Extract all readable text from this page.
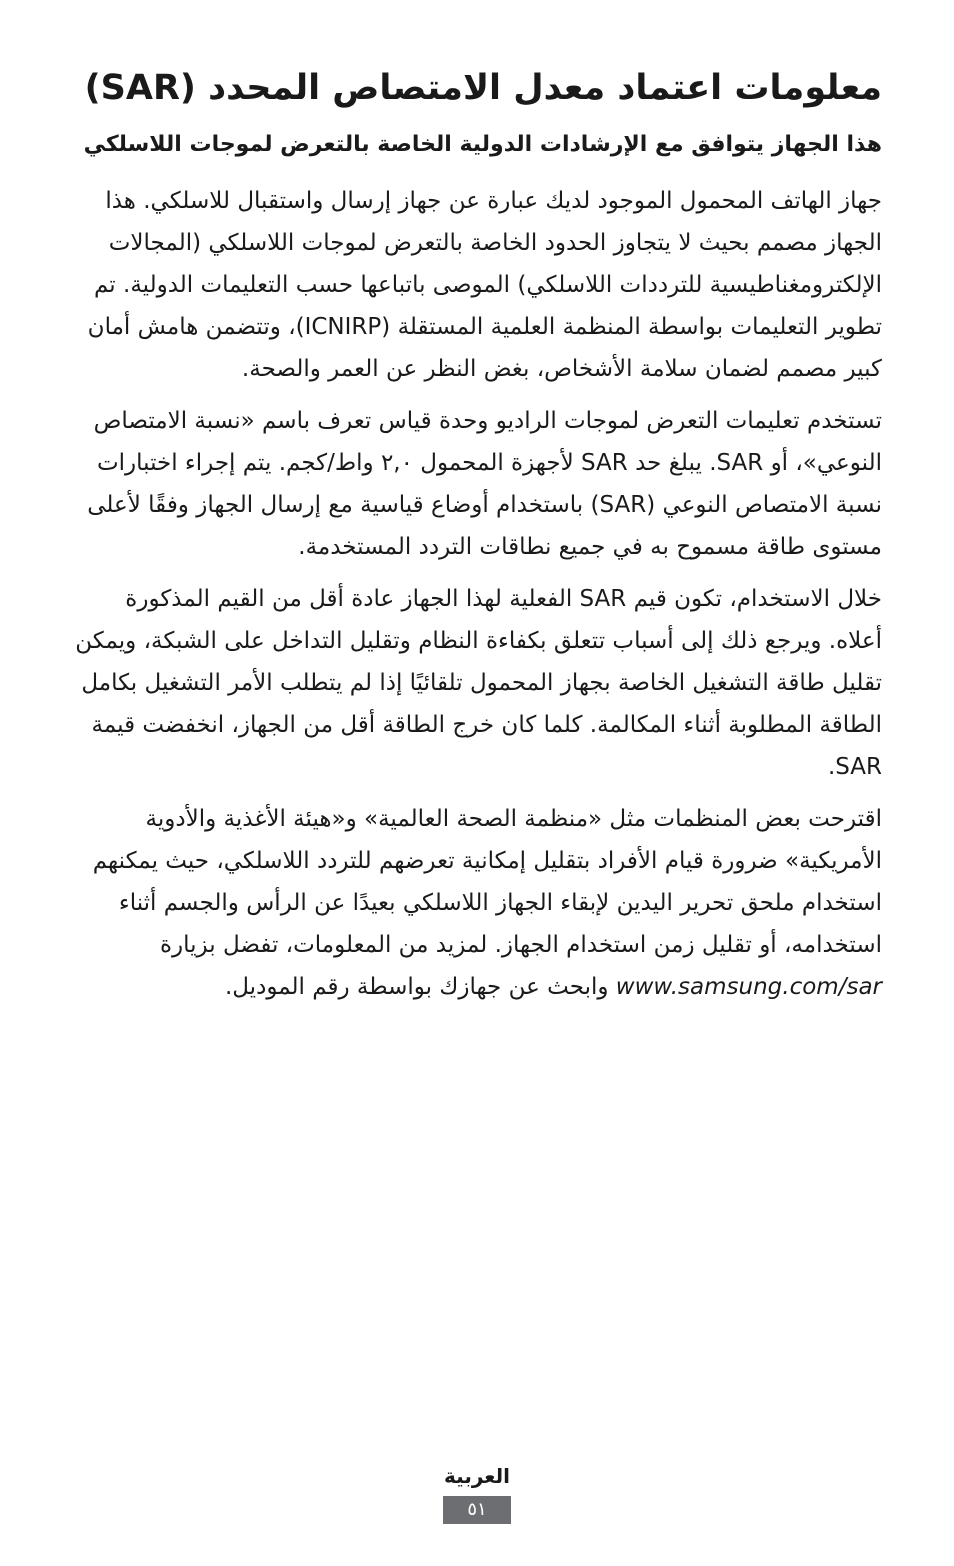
معلومات اعتماد معدل الامتصاص المحدد (SAR)
هذا الجهاز يتوافق مع الإرشادات الدولية الخاصة بالتعرض لموجات اللاسلكي

جهاز الهاتف المحمول الموجود لديك عبارة عن جهاز إرسال واستقبال للاسلكي. هذا الجهاز مصمم بحيث لا يتجاوز الحدود الخاصة بالتعرض لموجات اللاسلكي (المجالات الإلكترومغناطيسية للترددات اللاسلكي) الموصى باتباعها حسب التعليمات الدولية. تم تطوير التعليمات بواسطة المنظمة العلمية المستقلة (ICNIRP)، وتتضمن هامش أمان كبير مصمم لضمان سلامة الأشخاص، بغض النظر عن العمر والصحة.

تستخدم تعليمات التعرض لموجات الراديو وحدة قياس تعرف باسم «نسبة الامتصاص النوعي»، أو SAR. يبلغ حد SAR لأجهزة المحمول ٢,٠ واط/كجم. يتم إجراء اختبارات نسبة الامتصاص النوعي (SAR) باستخدام أوضاع قياسية مع إرسال الجهاز وفقًا لأعلى مستوى طاقة مسموح به في جميع نطاقات التردد المستخدمة.

خلال الاستخدام، تكون قيم SAR الفعلية لهذا الجهاز عادة أقل من القيم المذكورة أعلاه. ويرجع ذلك إلى أسباب تتعلق بكفاءة النظام وتقليل التداخل على الشبكة، ويمكن تقليل طاقة التشغيل الخاصة بجهاز المحمول تلقائيًا إذا لم يتطلب الأمر التشغيل بكامل الطاقة المطلوبة أثناء المكالمة. كلما كان خرج الطاقة أقل من الجهاز، انخفضت قيمة SAR.

اقترحت بعض المنظمات مثل «منظمة الصحة العالمية» و«هيئة الأغذية والأدوية الأمريكية» ضرورة قيام الأفراد بتقليل إمكانية تعرضهم للتردد اللاسلكي، حيث يمكنهم استخدام ملحق تحرير اليدين لإبقاء الجهاز اللاسلكي بعيدًا عن الرأس والجسم أثناء استخدامه، أو تقليل زمن استخدام الجهاز. لمزيد من المعلومات، تفضل بزيارة www.samsung.com/sar وابحث عن جهازك بواسطة رقم الموديل.

العربية
٥١
